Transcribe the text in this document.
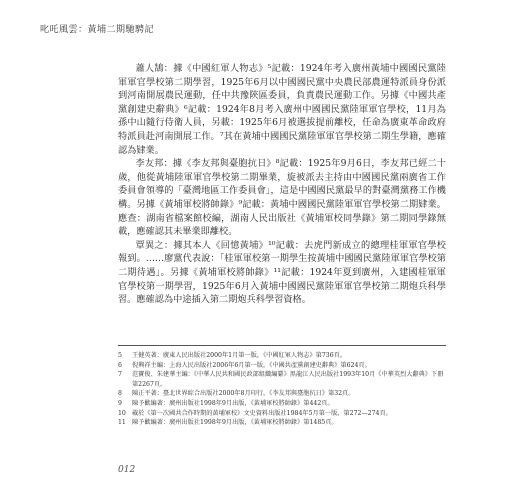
叱吒風雲：黃埔二期馳騁記

蕭人鵠：據《中國紅軍人物志》⁵記載：1924年考入廣州黃埔中國國民黨陸軍軍官學校第二期學習，1925年6月以中國國民黨中央農民部農運特派員身份派到河南開展農民運動，任中共豫陝區委員，負責農民運動工作。另據《中國共產黨創建史辭典》⁶記載：1924年8月考入廣州中國國民黨陸軍軍官學校，11月為孫中山隨行侍衛人員，另載：1925年6月被選拔提前離校，任命為廣東革命政府特派員赴河南開展工作。⁷其在黃埔中國國民黨陸軍軍官學校第二期生學籍，應確認為肄業。

李友邦：據《李友邦與臺胞抗日》⁸記載：1925年9月6日，李友邦已經二十歲，他從黃埔陸軍軍官學校第二期畢業，旋被派去主持由中國國民黨兩廣省工作委員會領導的「臺灣地區工作委員會」，這是中國國民黨最早的對臺灣黨務工作機構。另據《黃埔軍校將帥錄》⁹記載：黃埔中國國民黨陸軍軍官學校第二期肄業。應查：湖南省檔案館校編，湖南人民出版社《黃埔軍校同學錄》第二期同學錄無載，應確認其未畢業即離校。

覃異之：據其本人《回憶黃埔》¹⁰記載：去虎門新成立的總理桂軍軍官學校報到。……廖黨代表說：「桂軍軍校第一期學生按黃埔中國國民黨陸軍軍官學校第二期待遇」。另據《黃埔軍校將帥錄》¹¹記載：1924年夏到廣州，入建國桂軍軍官學校第一期學習，1925年6月入黃埔中國國民黨陸軍軍官學校第二期炮兵科學習。應確認為中途插入第二期炮兵科學習資格。

5	王健英著：廣東人民出版社2000年1月第一版，《中國紅軍人物志》第736頁。
6	倪興祥主編：上海人民出版社2006年6月第一版，《中國共產黨創建史辭典》第624頁。
7	范寶俊、朱建華主編：《中華人民共和國民政部組織編纂》黑龍江人民出版社1993年10月《中華英烈大辭典》下冊第2267頁。
8	陳正平著：臺北世界綜合出版社2000年8月印行，《李友邦與臺胞抗日》第32頁。
9	陳予歡編著：廣州出版社1998年9月出版，《黃埔軍校將帥錄》第442頁。
10 載於《第一次國共合作時期的黃埔軍校》文史資料出版社1984年5月第一版，第272—274頁。
11 陳予歡編著：廣州出版社1998年9月出版，《黃埔軍校將帥錄》第1485頁。
012
